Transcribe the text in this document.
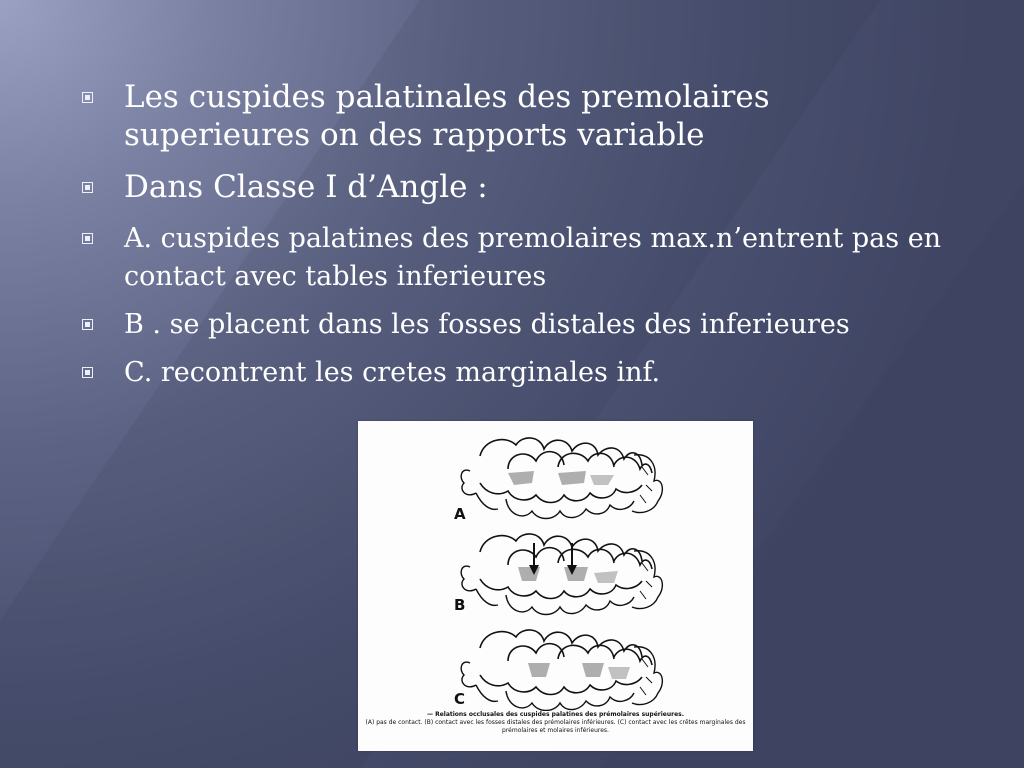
Les cuspides palatinales des premolaires superieures on des rapports variable
Dans Classe I d’Angle :
A. cuspides palatines des premolaires max.n’entrent pas en contact avec tables inferieures
B . se placent dans les fosses distales des inferieures
C. recontrent les cretes marginales inf.
A
B
C
— Relations occlusales des cuspides palatines des prémolaires supérieures.
(A) pas de contact. (B) contact avec les fosses distales des prémolaires inférieures. (C) contact avec les crêtes marginales des prémolaires et molaires inférieures.
